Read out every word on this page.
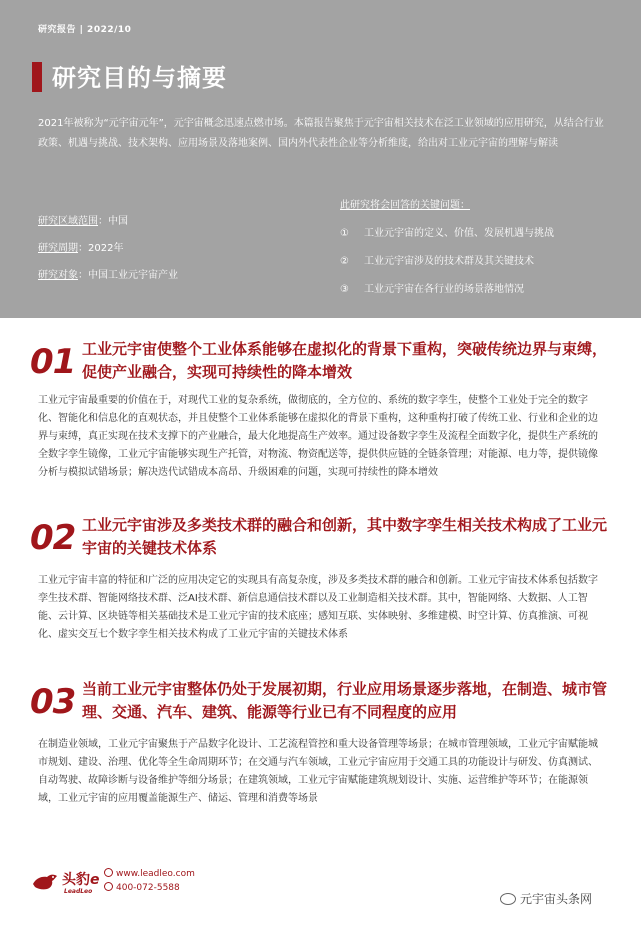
研究报告 | 2022/10
研究目的与摘要
2021年被称为“元宇宙元年”，元宇宙概念迅速点燃市场。本篇报告聚焦于元宇宙相关技术在泛工业领域的应用研究，从结合行业政策、机遇与挑战、技术架构、应用场景及落地案例、国内外代表性企业等分析维度，给出对工业元宇宙的理解与解读
研究区域范围：中国
研究周期：2022年
研究对象：中国工业元宇宙产业
此研究将会回答的关键问题：
① 工业元宇宙的定义、价值、发展机遇与挑战
② 工业元宇宙涉及的技术群及其关键技术
③ 工业元宇宙在各行业的场景落地情况
01 工业元宇宙使整个工业体系能够在虚拟化的背景下重构，突破传统边界与束缚，促使产业融合，实现可持续性的降本增效
工业元宇宙最重要的价值在于，对现代工业的复杂系统，做彻底的，全方位的、系统的数字孪生，使整个工业处于完全的数字化、智能化和信息化的直观状态，并且使整个工业体系能够在虚拟化的背景下重构，这种重构打破了传统工业、行业和企业的边界与束缚，真正实现在技术支撑下的产业融合，最大化地提高生产效率。通过设备数字孪生及流程全面数字化，提供生产系统的全数字孪生镜像，工业元宇宙能够实现生产托管，对物流、物资配送等，提供供应链的全链条管理；对能源、电力等，提供镜像分析与模拟试错场景；解决迭代试错成本高昂、升级困难的问题，实现可持续性的降本增效
02 工业元宇宙涉及多类技术群的融合和创新，其中数字孪生相关技术构成了工业元宇宙的关键技术体系
工业元宇宙丰富的特征和广泛的应用决定它的实现具有高复杂度，涉及多类技术群的融合和创新。工业元宇宙技术体系包括数字孪生技术群、智能网络技术群、泛AI技术群、新信息通信技术群以及工业制造相关技术群。其中，智能网络、大数据、人工智能、云计算、区块链等相关基础技术是工业元宇宙的技术底座；感知互联、实体映射、多维建模、时空计算、仿真推演、可视化、虚实交互七个数字孪生相关技术构成了工业元宇宙的关键技术体系
03 当前工业元宇宙整体仍处于发展初期，行业应用场景逐步落地，在制造、城市管理、交通、汽车、建筑、能源等行业已有不同程度的应用
在制造业领域，工业元宇宙聚焦于产品数字化设计、工艺流程管控和重大设备管理等场景；在城市管理领域，工业元宇宙赋能城市规划、建设、治理、优化等全生命周期环节；在交通与汽车领域，工业元宇宙应用于交通工具的功能设计与研发、仿真测试、自动驾驶、故障诊断与设备维护等细分场景；在建筑领域，工业元宇宙赋能建筑规划设计、实施、运营维护等环节；在能源领域，工业元宇宙的应用覆盖能源生产、储运、管理和消费等场景
头豹e
LeadLeo
www.leadleo.com
400-072-5588
元宇宙头条网
